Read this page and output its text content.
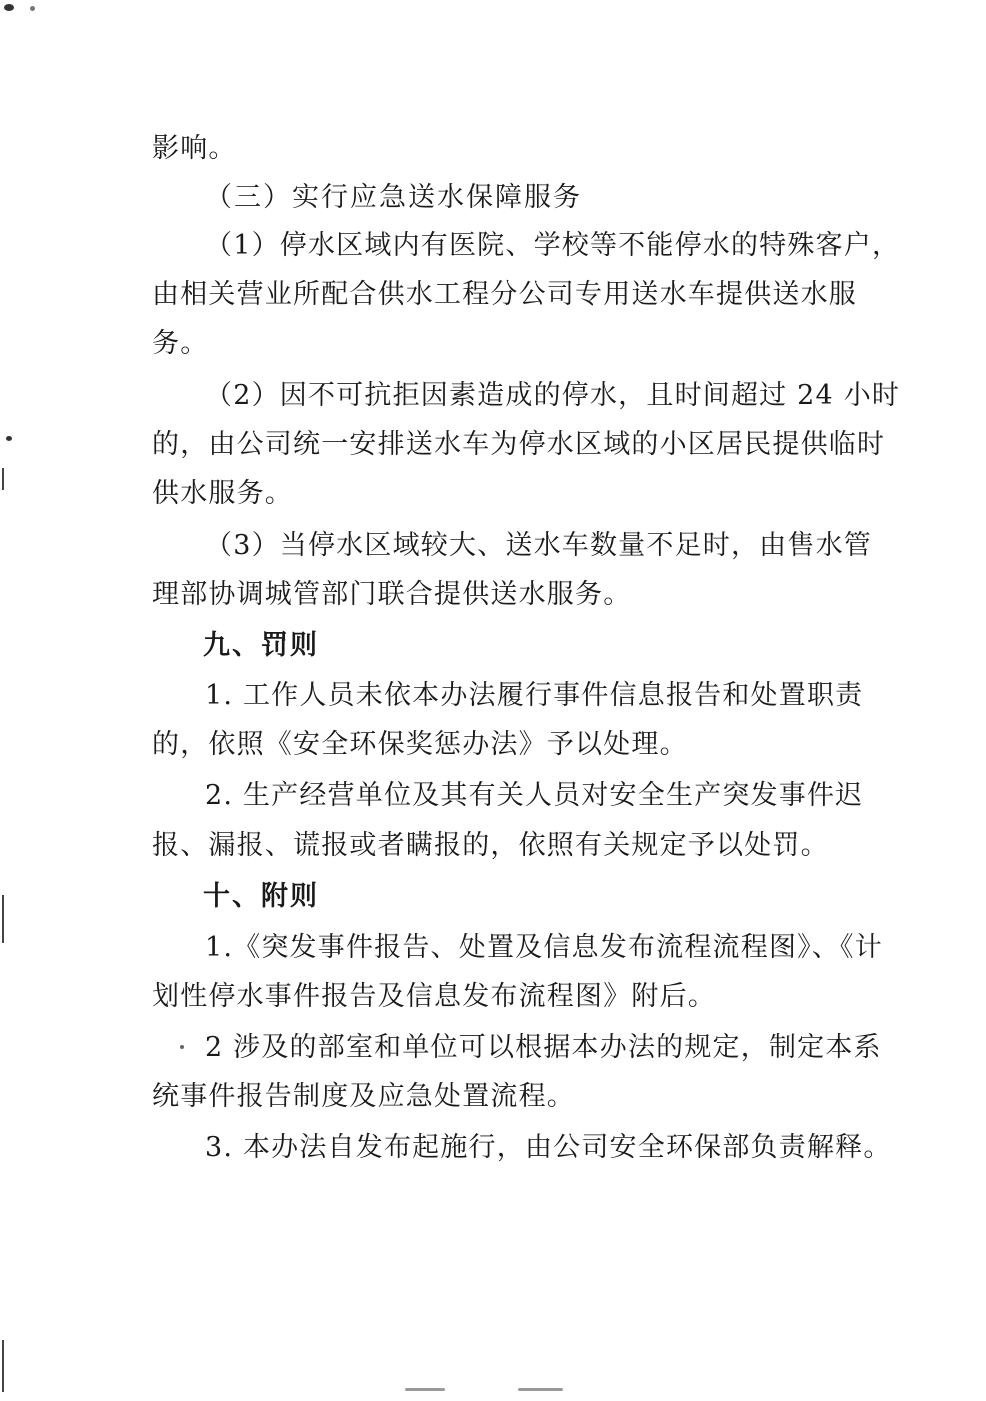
影响。
（三）实行应急送水保障服务
（1）停水区域内有医院、学校等不能停水的特殊客户，
由相关营业所配合供水工程分公司专用送水车提供送水服
务。
（2）因不可抗拒因素造成的停水，且时间超过 24 小时
的，由公司统一安排送水车为停水区域的小区居民提供临时
供水服务。
（3）当停水区域较大、送水车数量不足时，由售水管
理部协调城管部门联合提供送水服务。
九、罚则
1. 工作人员未依本办法履行事件信息报告和处置职责
的，依照《安全环保奖惩办法》予以处理。
2. 生产经营单位及其有关人员对安全生产突发事件迟
报、漏报、谎报或者瞒报的，依照有关规定予以处罚。
十、附则
1.《突发事件报告、处置及信息发布流程流程图》、《计
划性停水事件报告及信息发布流程图》附后。
2 涉及的部室和单位可以根据本办法的规定，制定本系
统事件报告制度及应急处置流程。
3. 本办法自发布起施行，由公司安全环保部负责解释。
